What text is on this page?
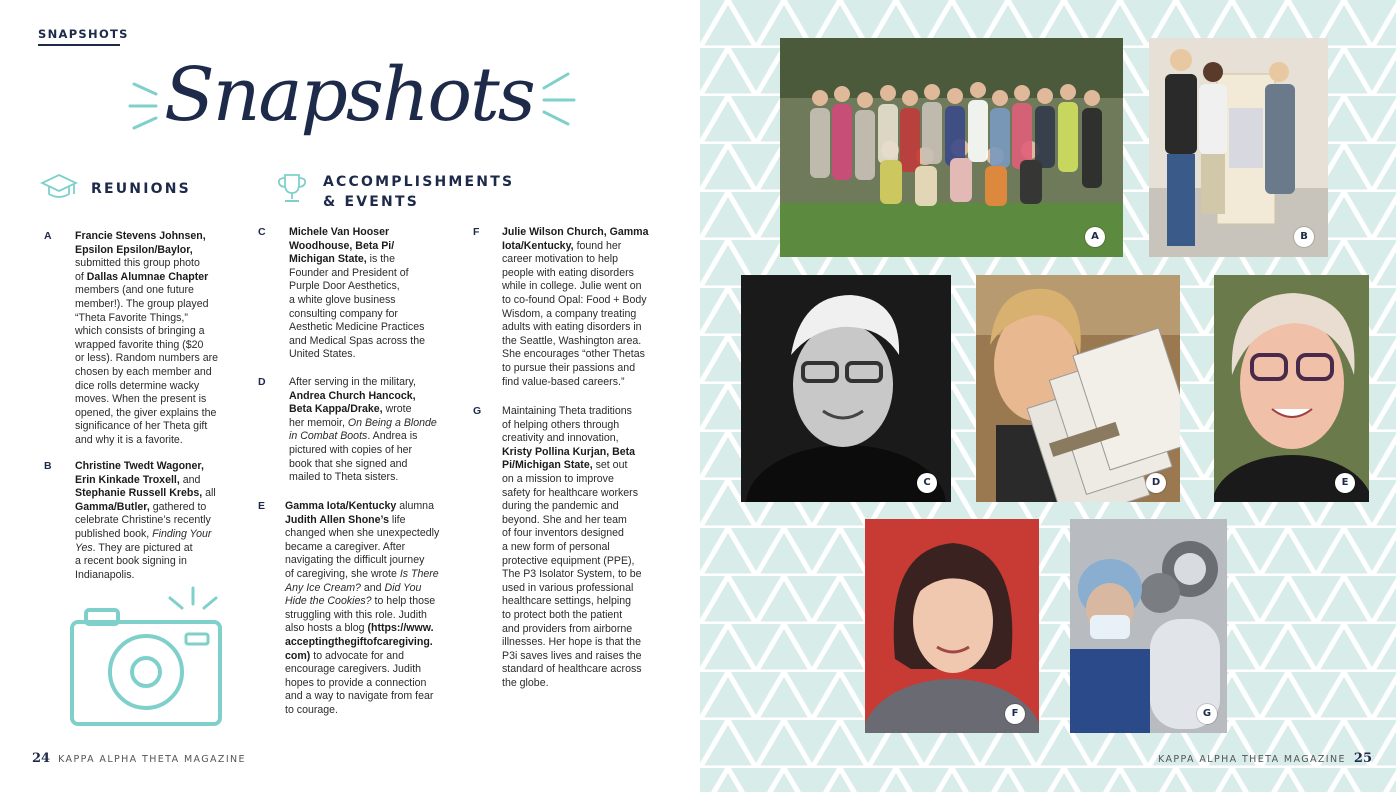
SNAPSHOTS
Snapshots
REUNIONS	ACCOMPLISHMENTS
& EVENTS
A Francie Stevens Johnsen,
Epsilon Epsilon/Baylor,
submitted this group photo
of Dallas Alumnae Chapter
members (and one future
member!). The group played
“Theta Favorite Things,”
which consists of bringing a
wrapped favorite thing ($20
or less). Random numbers are
chosen by each member and
dice rolls determine wacky
moves. When the present is
opened, the giver explains the
significance of her Theta gift
and why it is a favorite.

B Christine Twedt Wagoner,
Erin Kinkade Troxell, and
Stephanie Russell Krebs, all
Gamma/Butler, gathered to
celebrate Christine’s recently
published book, Finding Your
Yes. They are pictured at
a recent book signing in
Indianapolis.

C Michele Van Hooser
Woodhouse, Beta Pi/
Michigan State, is the
Founder and President of
Purple Door Aesthetics,
a white glove business
consulting company for
Aesthetic Medicine Practices
and Medical Spas across the
United States.

D After serving in the military,
Andrea Church Hancock,
Beta Kappa/Drake, wrote
her memoir, On Being a Blonde
in Combat Boots. Andrea is
pictured with copies of her
book that she signed and
mailed to Theta sisters.

E Gamma Iota/Kentucky alumna
Judith Allen Shone’s life
changed when she unexpectedly
became a caregiver. After
navigating the difficult journey
of caregiving, she wrote Is There
Any Ice Cream? and Did You
Hide the Cookies? to help those
struggling with this role. Judith
also hosts a blog (https://www.
acceptingthegiftofcaregiving.
com) to advocate for and
encourage caregivers. Judith
hopes to provide a connection
and a way to navigate from fear
to courage.

F Julie Wilson Church, Gamma
Iota/Kentucky, found her
career motivation to help
people with eating disorders
while in college. Julie went on
to co-found Opal: Food + Body
Wisdom, a company treating
adults with eating disorders in
the Seattle, Washington area.
She encourages “other Thetas
to pursue their passions and
find value-based careers.”

G Maintaining Theta traditions
of helping others through
creativity and innovation,
Kristy Pollina Kurjan, Beta
Pi/Michigan State, set out
on a mission to improve
safety for healthcare workers
during the pandemic and
beyond. She and her team
of four inventors designed
a new form of personal
protective equipment (PPE),
The P3 Isolator System, to be
used in various professional
healthcare settings, helping
to protect both the patient
and providers from airborne
illnesses. Her hope is that the
P3i saves lives and raises the
standard of healthcare across
the globe.

24 KAPPA ALPHA THETA MAGAZINE
A	B
C	D	E
F	G
KAPPA ALPHA THETA MAGAZINE 25
